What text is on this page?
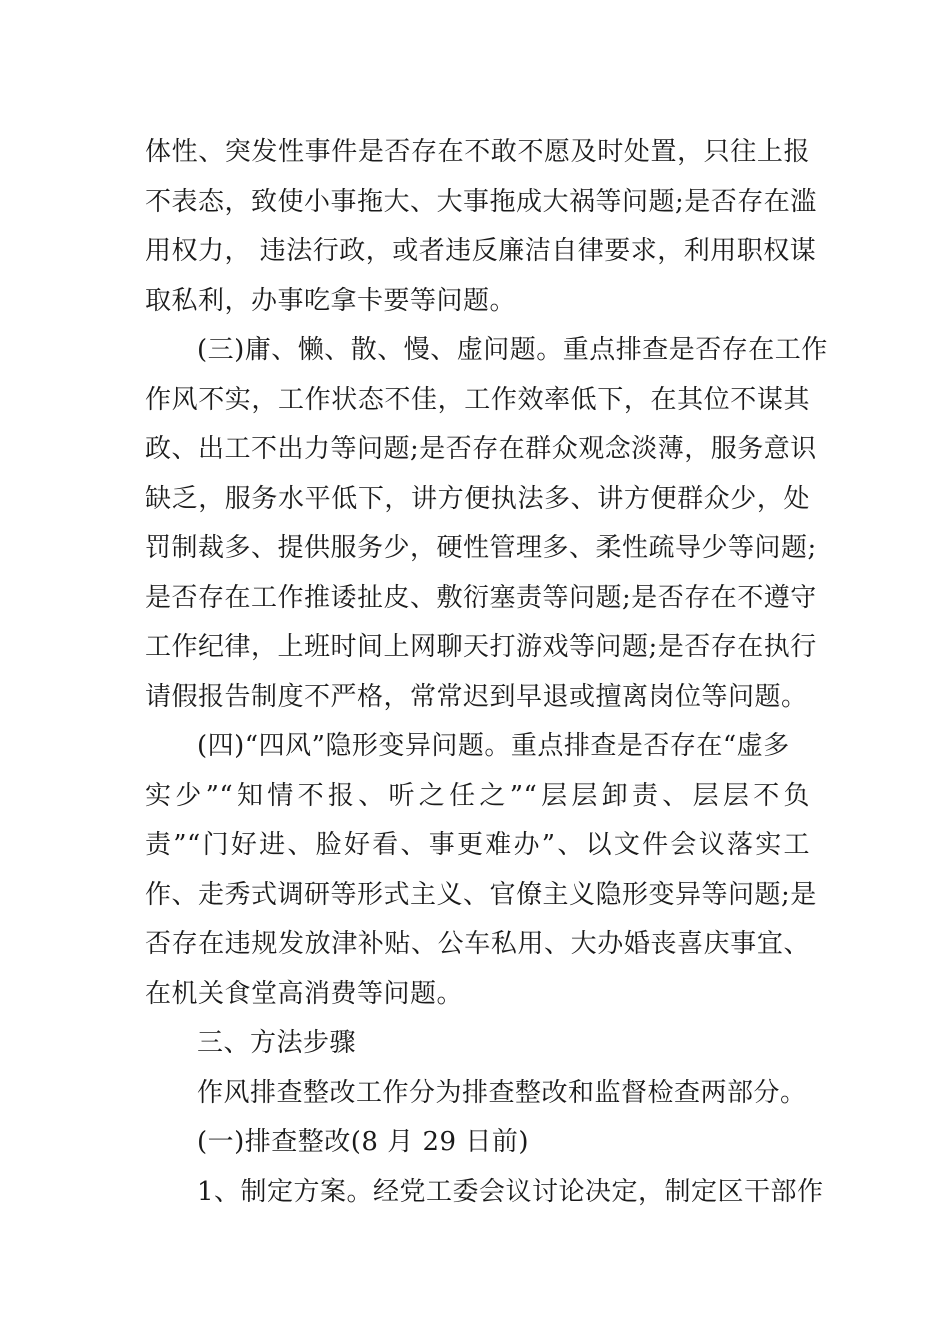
体性、突发性事件是否存在不敢不愿及时处置，只往上报
不表态，致使小事拖大、大事拖成大祸等问题;是否存在滥
用权力， 违法行政，或者违反廉洁自律要求，利用职权谋
取私利，办事吃拿卡要等问题。
(三)庸、懒、散、慢、虚问题。重点排查是否存在工作
作风不实，工作状态不佳，工作效率低下，在其位不谋其
政、出工不出力等问题;是否存在群众观念淡薄，服务意识
缺乏，服务水平低下，讲方便执法多、讲方便群众少，处
罚制裁多、提供服务少，硬性管理多、柔性疏导少等问题;
是否存在工作推诿扯皮、敷衍塞责等问题;是否存在不遵守
工作纪律，上班时间上网聊天打游戏等问题;是否存在执行
请假报告制度不严格，常常迟到早退或擅离岗位等问题。
(四)“四风”隐形变异问题。重点排查是否存在“虚多
实少”“知情不报、听之任之”“层层卸责、层层不负
责”“门好进、脸好看、事更难办”、以文件会议落实工
作、走秀式调研等形式主义、官僚主义隐形变异等问题;是
否存在违规发放津补贴、公车私用、大办婚丧喜庆事宜、
在机关食堂高消费等问题。
三、方法步骤
作风排查整改工作分为排查整改和监督检查两部分。
(一)排查整改(8 月 29 日前)
1、制定方案。经党工委会议讨论决定，制定区干部作
